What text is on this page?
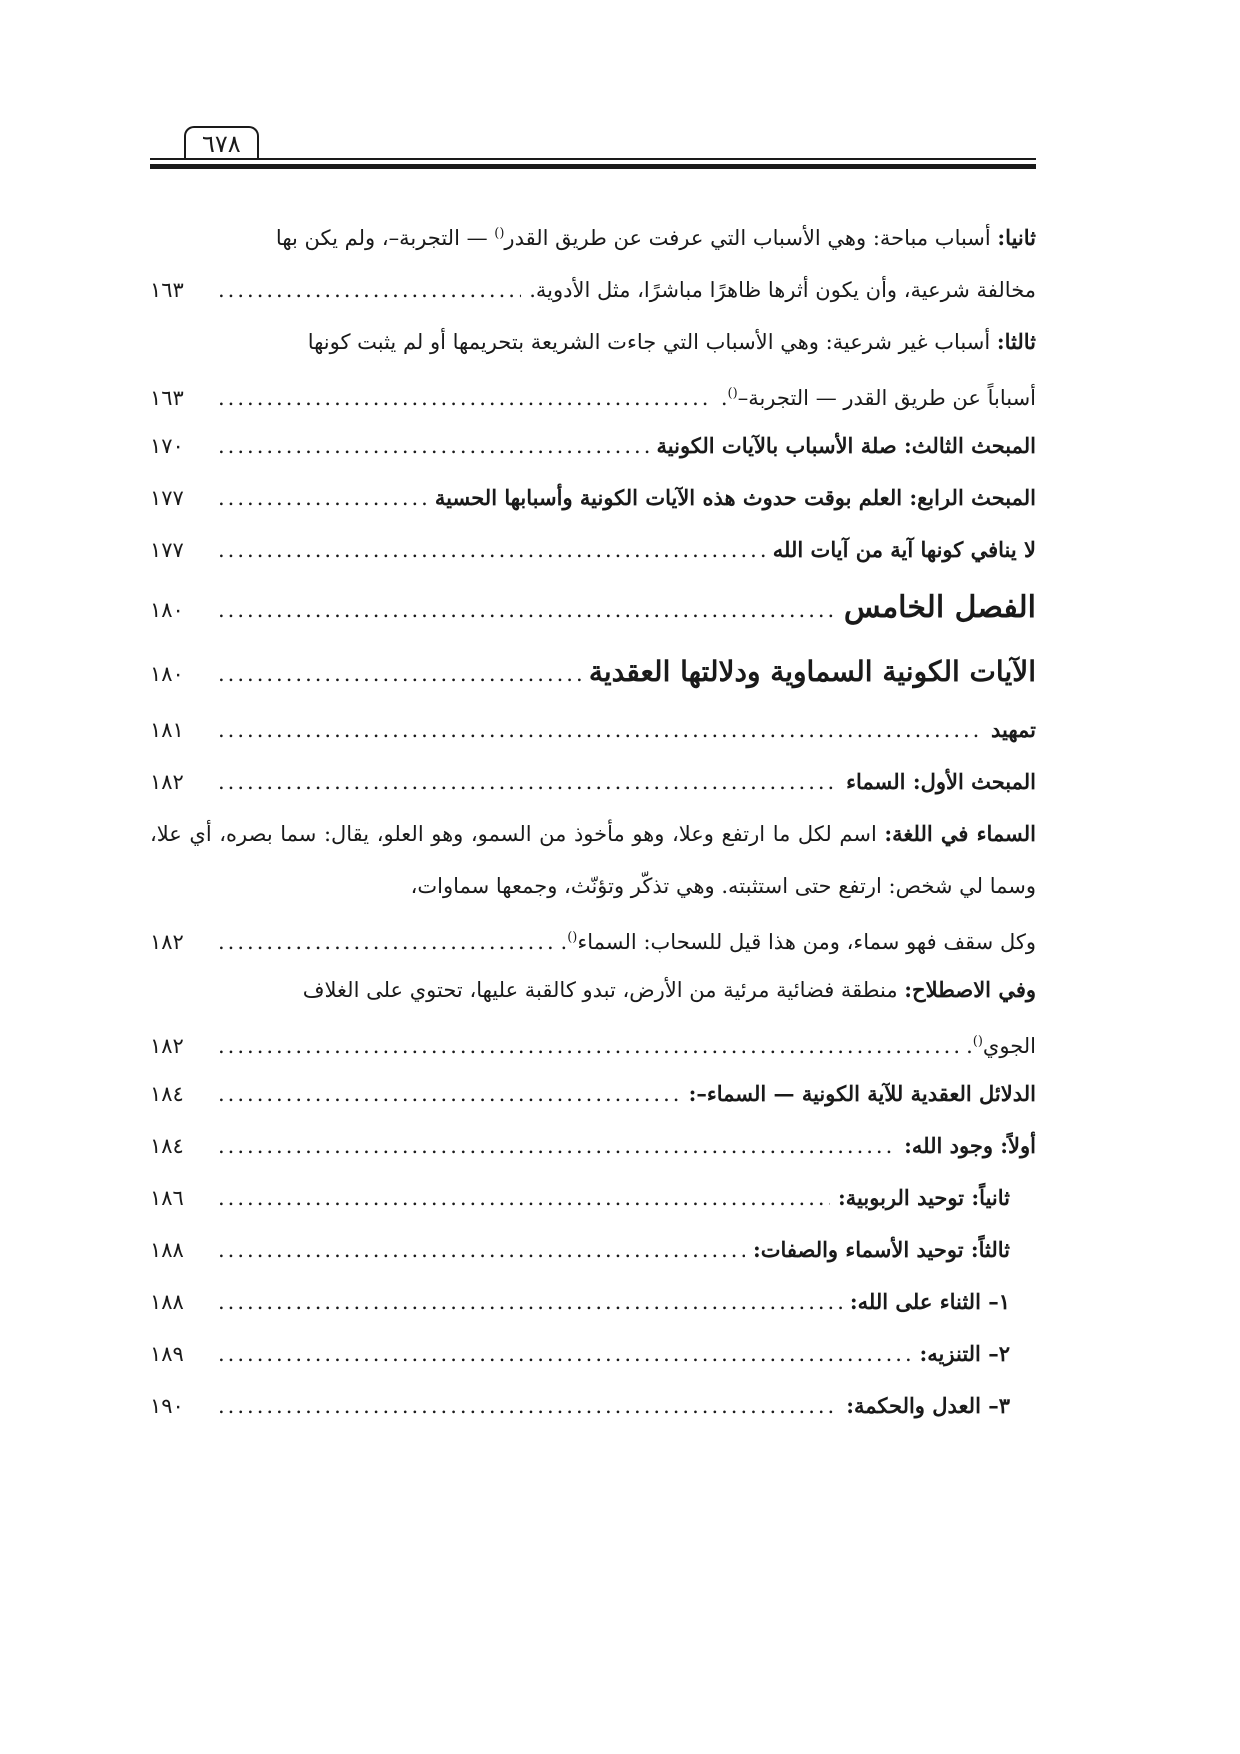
٦٧٨

ثانيا: أسباب مباحة: وهي الأسباب التي عرفت عن طريق القدر() — التجربة–، ولم يكن بها

مخالفة شرعية، وأن يكون أثرها ظاهرًا مباشرًا، مثل الأدوية.
.....
١٦٣

ثالثا: أسباب غير شرعية: وهي الأسباب التي جاءت الشريعة بتحريمها أو لم يثبت كونها

أسباباً عن طريق القدر — التجربة–().
.....
١٦٣
المبحث الثالث: صلة الأسباب بالآيات الكونية
.....
١٧٠
المبحث الرابع: العلم بوقت حدوث هذه الآيات الكونية وأسبابها الحسية
.....
١٧٧
لا ينافي كونها آية من آيات الله
.....
١٧٧
الفصل الخامس
.....
١٨٠
الآيات الكونية السماوية ودلالتها العقدية
.....
١٨٠
تمهيد
.....
١٨١
المبحث الأول: السماء
.....
١٨٢

السماء في اللغة: اسم لكل ما ارتفع وعلا، وهو مأخوذ من السمو، وهو العلو، يقال: سما بصره، أي علا، وسما لي شخص: ارتفع حتى استثبته. وهي تذكّر وتؤنّث، وجمعها سماوات،

وكل سقف فهو سماء، ومن هذا قيل للسحاب: السماء().
.....
١٨٢

وفي الاصطلاح: منطقة فضائية مرئية من الأرض، تبدو كالقبة عليها، تحتوي على الغلاف

الجوي().
.....
١٨٢
الدلائل العقدية للآية الكونية — السماء–:
.....
١٨٤
أولاً: وجود الله:
.....
١٨٤
ثانياً: توحيد الربوبية:
.....
١٨٦
ثالثاً: توحيد الأسماء والصفات:
.....
١٨٨
١– الثناء على الله:
.....
١٨٨
٢– التنزيه:
.....
١٨٩
٣– العدل والحكمة:
.....
١٩٠
